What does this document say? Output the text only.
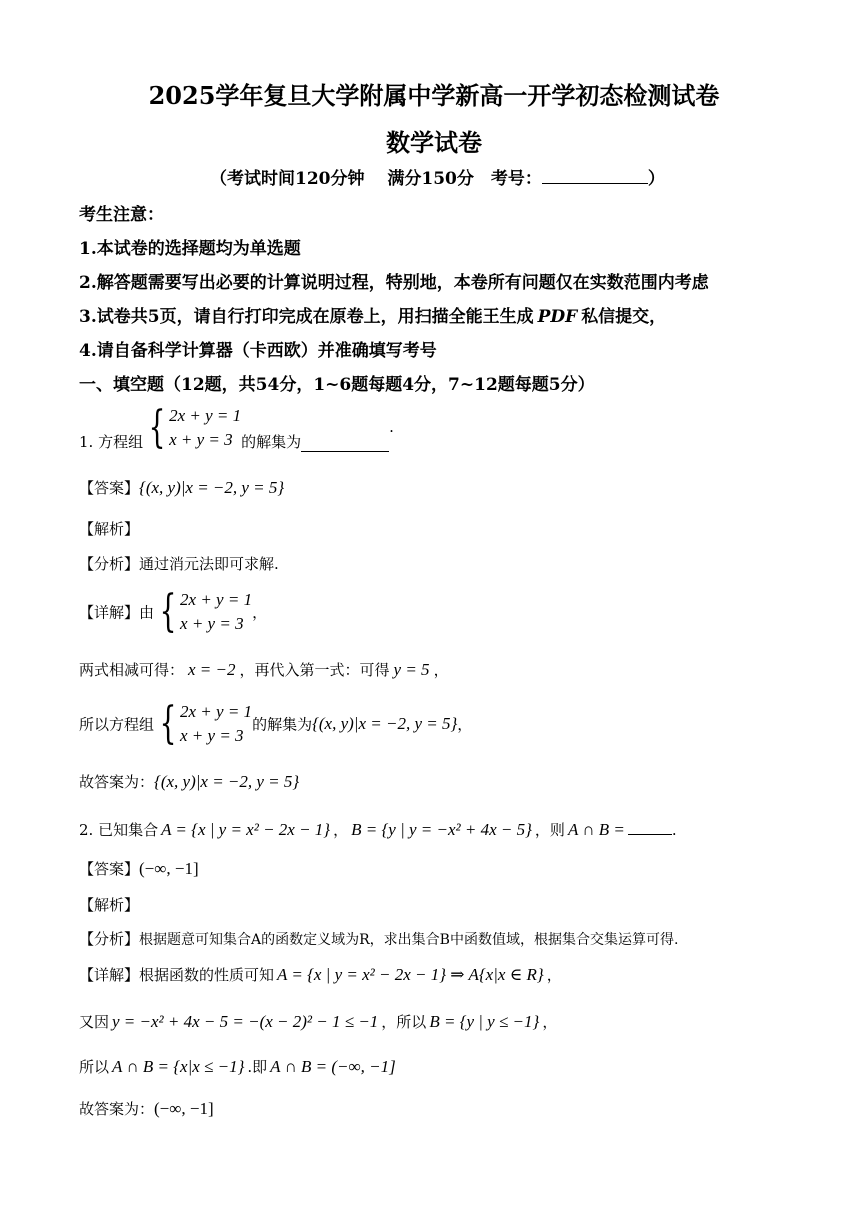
2025学年复旦大学附属中学新高一开学初态检测试卷
数学试卷
（考试时间120分钟　 满分150分　考号：	）
考生注意：
1.本试卷的选择题均为单选题
2.解答题需要写出必要的计算说明过程，特别地，本卷所有问题仅在实数范围内考虑
3.试卷共5页，请自行打印完成在原卷上，用扫描全能王生成 PDF 私信提交，
4.请自备科学计算器（卡西欧）并准确填写考号
一、填空题（12题，共54分，1~6题每题4分，7~12题每题5分）
1. 方程组 { 2x + y = 1
x + y = 3 的解集为.
【答案】{(x, y)|x = −2, y = 5}
【解析】
【分析】通过消元法即可求解.
【详解】由 { 2x + y = 1
x + y = 3
，
两式相减可得： x = −2 ，再代入第一式：可得 y = 5 ，
所以方程组 { 2x + y = 1
x + y = 3
的解集为{(x, y)|x = −2, y = 5}，
故答案为：{(x, y)|x = −2, y = 5}
2. 已知集合 A = {x | y = x² − 2x − 1} ， B = {y | y = −x² + 4x − 5} ，则 A ∩ B =	.
【答案】(−∞, −1]
【解析】
【分析】根据题意可知集合A的函数定义域为R，求出集合B中函数值域，根据集合交集运算可得.
【详解】根据函数的性质可知 A = {x | y = x² − 2x − 1} ⇒ A{x|x ∈ R} ，
又因 y = −x² + 4x − 5 = −(x − 2)² − 1 ≤ −1 ，所以 B = {y | y ≤ −1} ，
所以 A ∩ B = {x|x ≤ −1} .即 A ∩ B = (−∞, −1]
故答案为：(−∞, −1]
